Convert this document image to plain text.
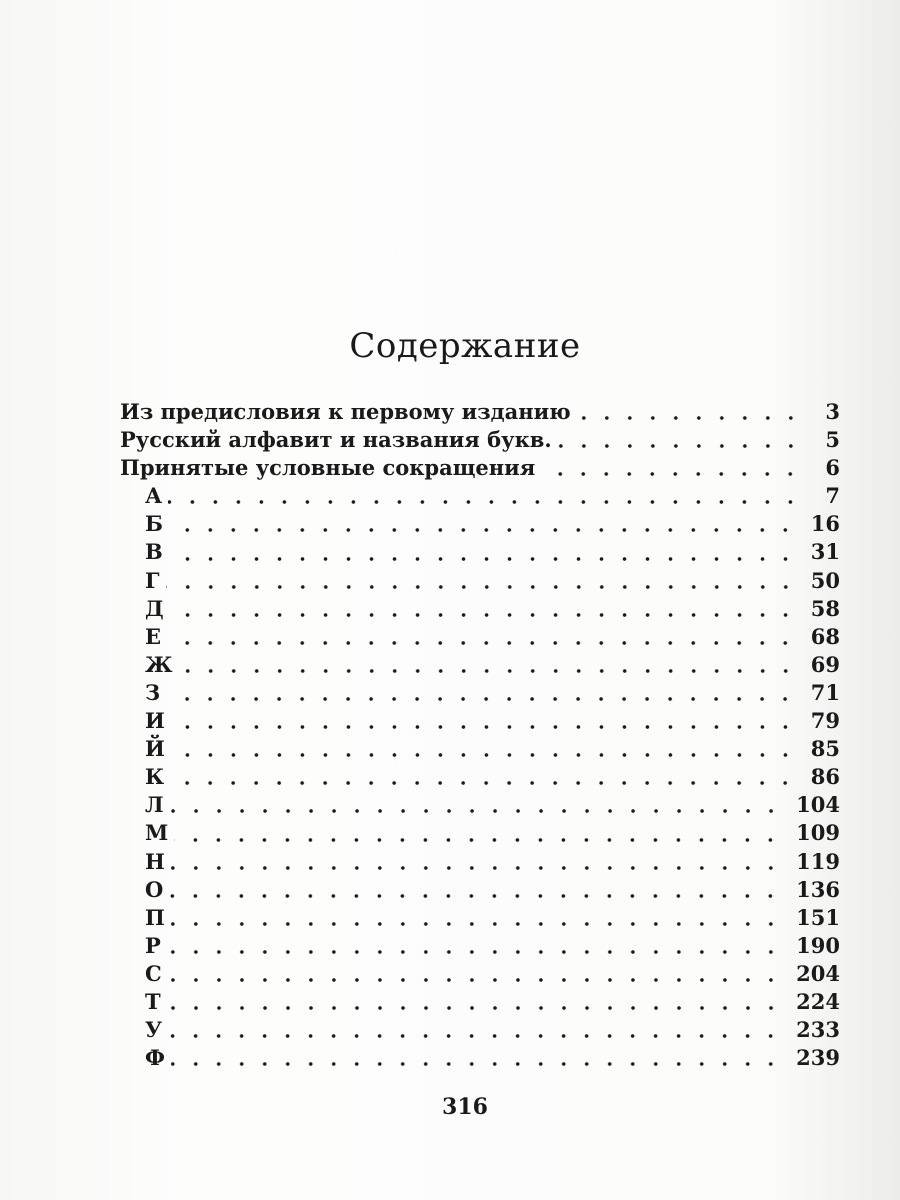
Содержание
Из предисловия к первому изданию	3
Русский алфавит и названия букв.	5
Принятые условные сокращения	6
А	7
Б	16
В	31
Г	50
Д	58
Е	68
Ж	69
З	71
И	79
Й	85
К	86
Л	104
М	109
Н	119
О	136
П	151
Р	190
С	204
Т	224
У	233
Ф	239
316
